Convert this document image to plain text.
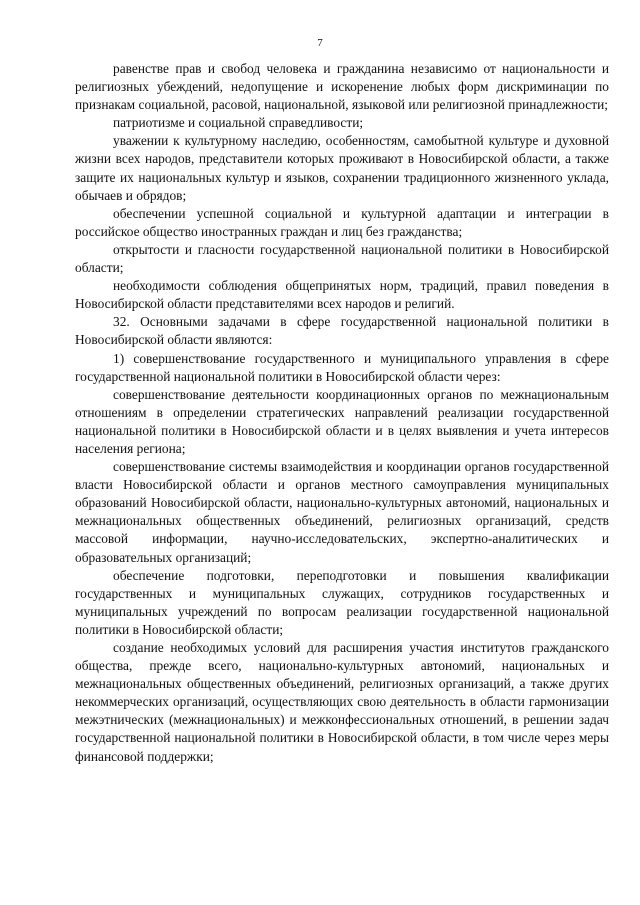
7

равенстве прав и свобод человека и гражданина независимо от национальности и религиозных убеждений, недопущение и искоренение любых форм дискриминации по признакам социальной, расовой, национальной, языковой или религиозной принадлежности;

патриотизме и социальной справедливости;

уважении к культурному наследию, особенностям, самобытной культуре и духовной жизни всех народов, представители которых проживают в Новосибирской области, а также защите их национальных культур и языков, сохранении традиционного жизненного уклада, обычаев и обрядов;

обеспечении успешной социальной и культурной адаптации и интеграции в российское общество иностранных граждан и лиц без гражданства;

открытости и гласности государственной национальной политики в Новосибирской области;

необходимости соблюдения общепринятых норм, традиций, правил поведения в Новосибирской области представителями всех народов и религий.

32. Основными задачами в сфере государственной национальной политики в Новосибирской области являются:

1) совершенствование государственного и муниципального управления в сфере государственной национальной политики в Новосибирской области через:

совершенствование деятельности координационных органов по межнациональным отношениям в определении стратегических направлений реализации государственной национальной политики в Новосибирской области и в целях выявления и учета интересов населения региона;

совершенствование системы взаимодействия и координации органов государственной власти Новосибирской области и органов местного самоуправления муниципальных образований Новосибирской области, национально-культурных автономий, национальных и межнациональных общественных объединений, религиозных организаций, средств массовой информации, научно-исследовательских, экспертно-аналитических и образовательных организаций;

обеспечение подготовки, переподготовки и повышения квалификации государственных и муниципальных служащих, сотрудников государственных и муниципальных учреждений по вопросам реализации государственной национальной политики в Новосибирской области;

создание необходимых условий для расширения участия институтов гражданского общества, прежде всего, национально-культурных автономий, национальных и межнациональных общественных объединений, религиозных организаций, а также других некоммерческих организаций, осуществляющих свою деятельность в области гармонизации межэтнических (межнациональных) и межконфессиональных отношений, в решении задач государственной национальной политики в Новосибирской области, в том числе через меры финансовой поддержки;
